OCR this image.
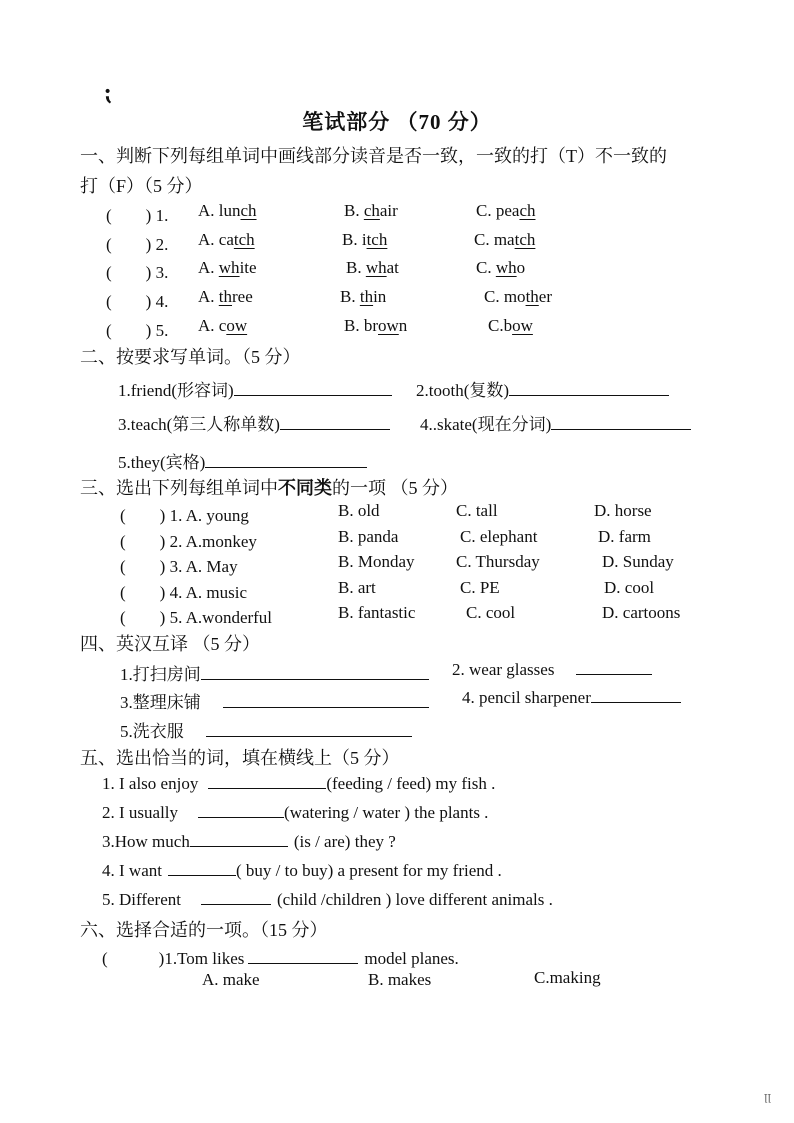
⁏
ꞁꞁ
笔试部分 （70 分）
一、判断下列每组单词中画线部分读音是否一致，一致的打（T）不一致的
打（F）（5 分）
(　　) 1. A. lunch	B. chair	C. peach
(　　) 2. A. catch	B. itch	C. match
(　　) 3. A. white	B. what	C. who
(　　) 4. A. three	B. thin	C. mother
(　　) 5. A. cow	B. brown	C.bow
二、按要求写单词。（5 分）
1.friend(形容词)	2.tooth(复数)
3.teach(第三人称单数)	4..skate(现在分词)
5.they(宾格)
三、选出下列每组单词中不同类的一项 （5 分）
(　　) 1. A. young	B. old	C. tall	D. horse
(　　) 2. A.monkey	B. panda	C. elephant	D. farm
(　　) 3. A. May	B. Monday C. Thursday	D. Sunday
(　　) 4. A. music	B. art	C. PE	D. cool
(　　) 5. A.wonderful	B. fantastic	C. cool	D. cartoons
四、英汉互译 （5 分）
1.打扫房间	2. wear glasses
3.整理床铺	4. pencil sharpener
5.洗衣服
五、选出恰当的词，填在横线上（5 分）
1. I also enjoy	(feeding / feed) my fish .
2. I usually	(watering / water ) the plants .
3.How much	(is / are) they ?
4. I want	( buy / to buy) a present for my friend .
5. Different	(child /children ) love different animals .
六、选择合适的一项。（15 分）
(　　　)1.Tom likes	model planes.
A. make	B. makes	C.making
